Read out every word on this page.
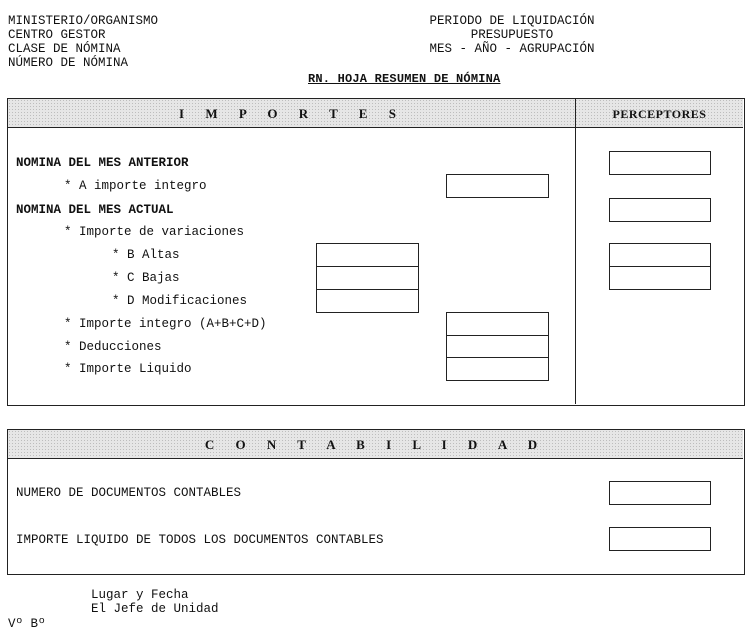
MINISTERIO/ORGANISMO
CENTRO GESTOR
CLASE DE NÓMINA
NÚMERO DE NÓMINA
PERIODO DE LIQUIDACIÓN
PRESUPUESTO
MES - AÑO - AGRUPACIÓN
RN. HOJA RESUMEN DE NÓMINA
I M P O R T E S	PERCEPTORES
NOMINA DEL MES ANTERIOR
* A importe integro
NOMINA DEL MES ACTUAL
* Importe de variaciones
* B Altas
* C Bajas
* D Modificaciones
* Importe integro (A+B+C+D)
* Deducciones
* Importe Liquido
C O N T A B I L I D A D
NUMERO DE DOCUMENTOS CONTABLES
IMPORTE LIQUIDO DE TODOS LOS DOCUMENTOS CONTABLES
Lugar y Fecha
El Jefe de Unidad
Vº Bº
